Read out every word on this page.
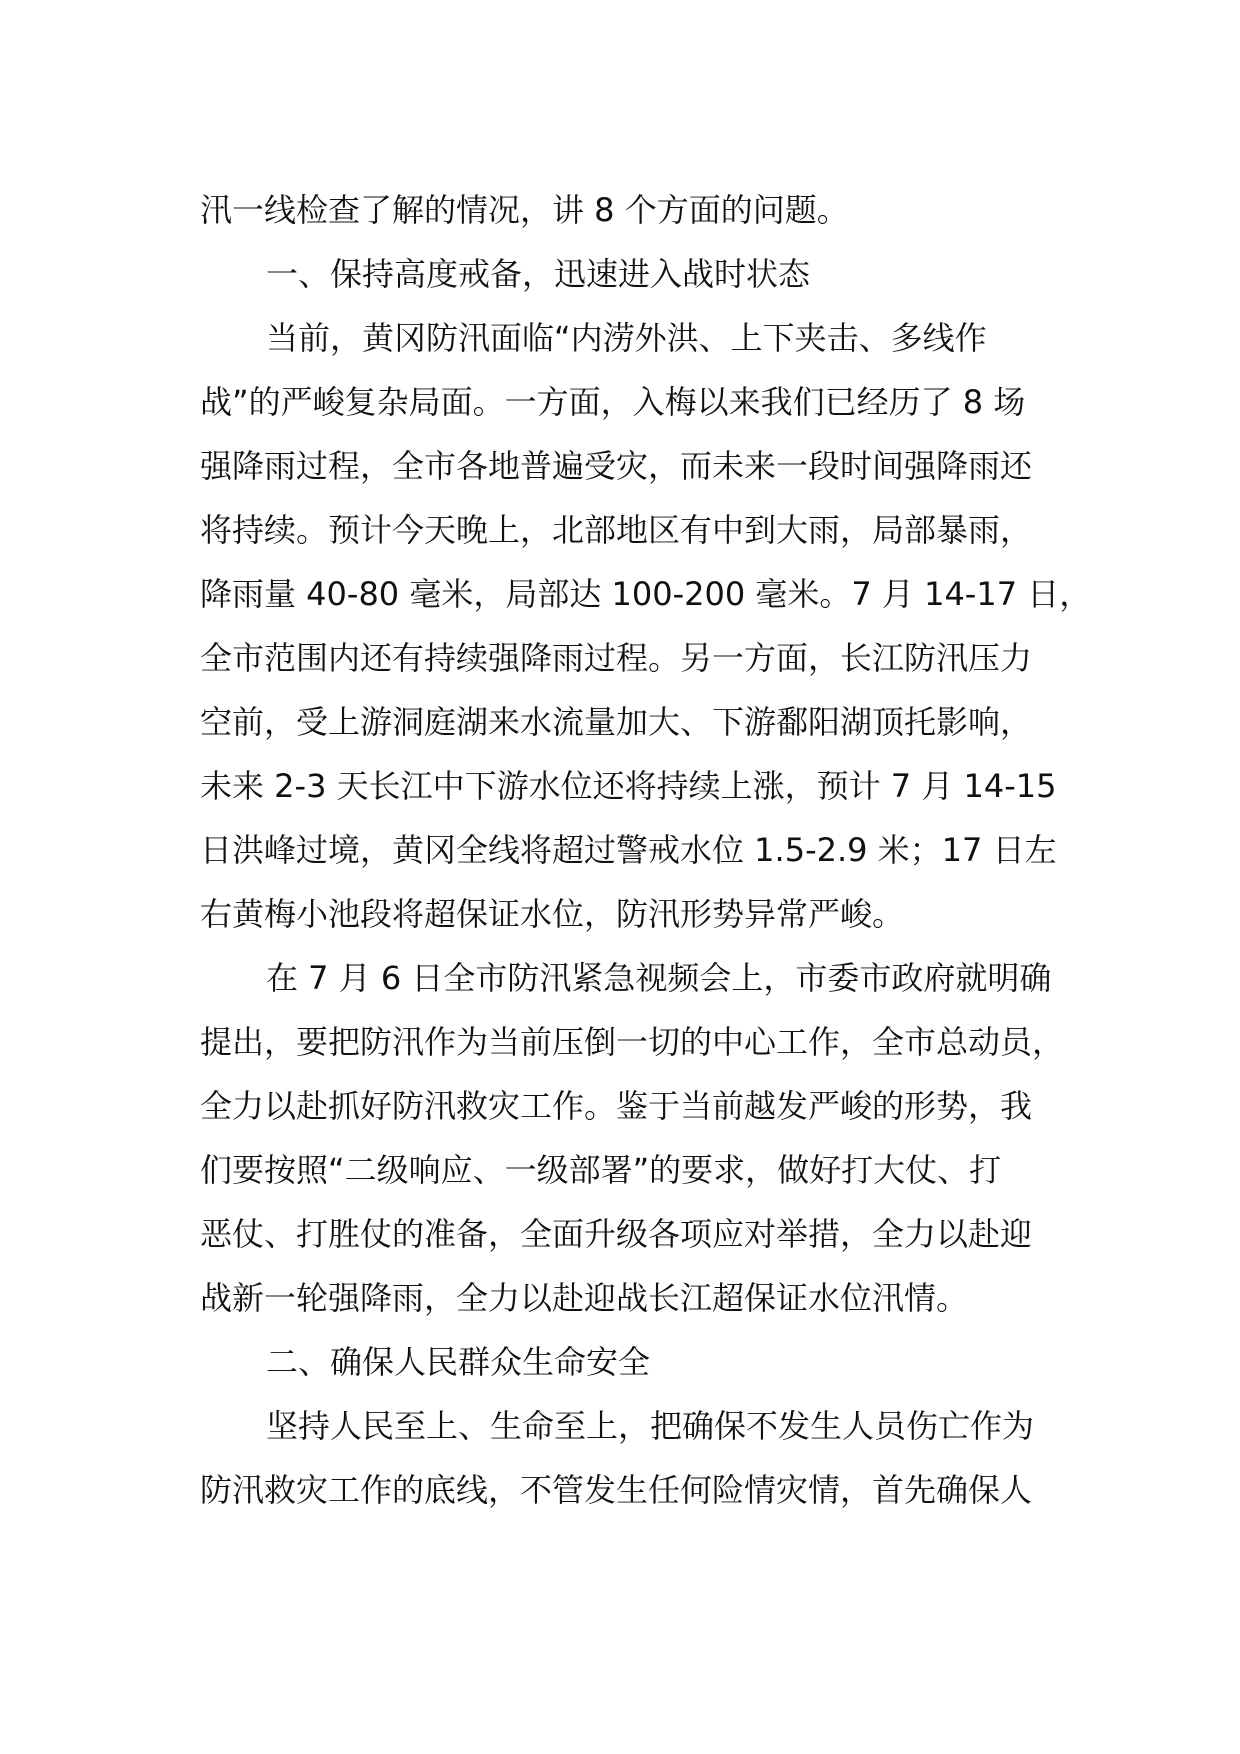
汛一线检查了解的情况，讲 8 个方面的问题。
一、保持高度戒备，迅速进入战时状态
当前，黄冈防汛面临“内涝外洪、上下夹击、多线作
战”的严峻复杂局面。一方面，入梅以来我们已经历了 8 场
强降雨过程，全市各地普遍受灾，而未来一段时间强降雨还
将持续。预计今天晚上，北部地区有中到大雨，局部暴雨，
降雨量 40-80 毫米，局部达 100-200 毫米。7 月 14-17 日，
全市范围内还有持续强降雨过程。另一方面，长江防汛压力
空前，受上游洞庭湖来水流量加大、下游鄱阳湖顶托影响，
未来 2-3 天长江中下游水位还将持续上涨，预计 7 月 14-15
日洪峰过境，黄冈全线将超过警戒水位 1.5-2.9 米；17 日左
右黄梅小池段将超保证水位，防汛形势异常严峻。
在 7 月 6 日全市防汛紧急视频会上，市委市政府就明确
提出，要把防汛作为当前压倒一切的中心工作，全市总动员，
全力以赴抓好防汛救灾工作。鉴于当前越发严峻的形势，我
们要按照“二级响应、一级部署”的要求，做好打大仗、打
恶仗、打胜仗的准备，全面升级各项应对举措，全力以赴迎
战新一轮强降雨，全力以赴迎战长江超保证水位汛情。
二、确保人民群众生命安全
坚持人民至上、生命至上，把确保不发生人员伤亡作为
防汛救灾工作的底线，不管发生任何险情灾情，首先确保人
